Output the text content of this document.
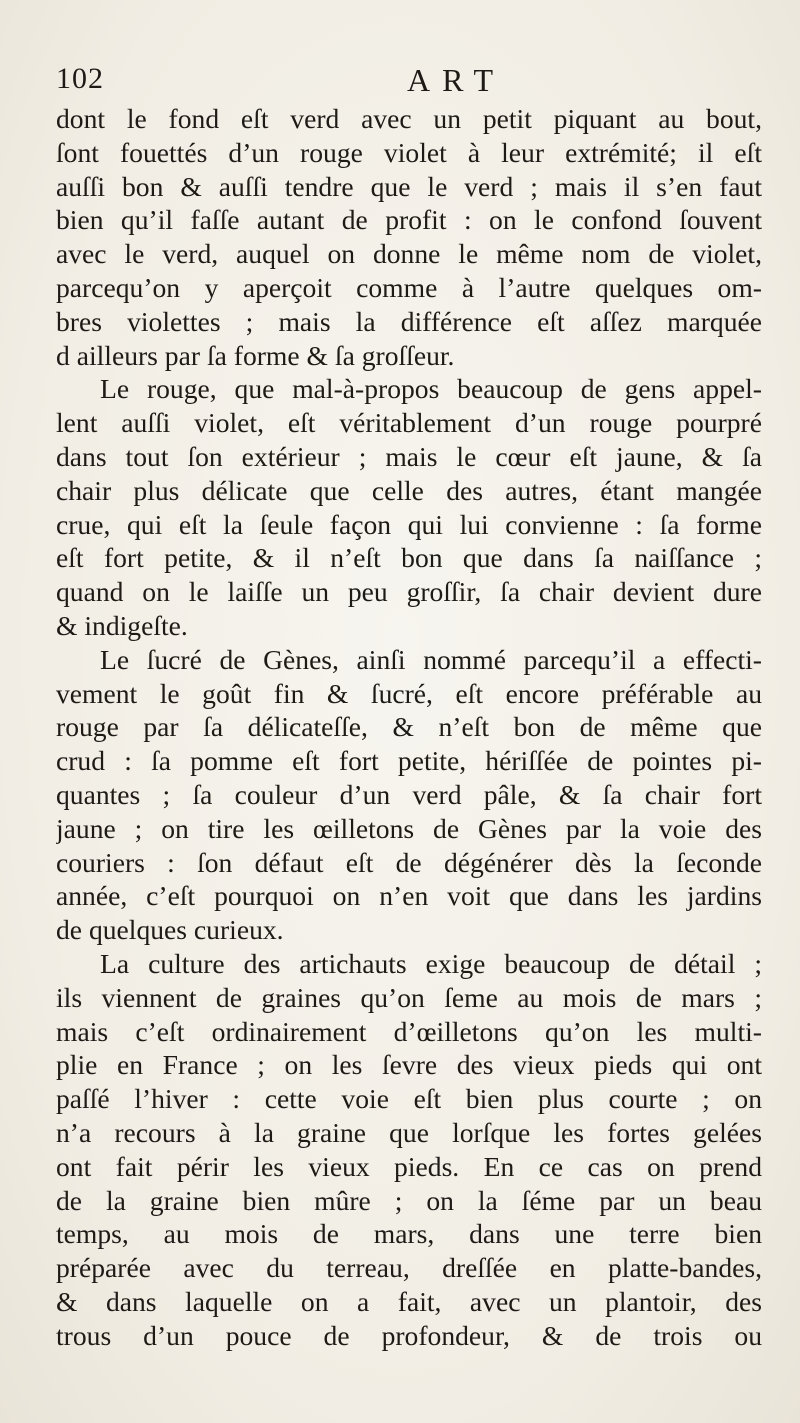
102	ART
dont le fond eſt verd avec un petit piquant au bout,
ſont fouettés d’un rouge violet à leur extrémité; il eſt
auſſi bon & auſſi tendre que le verd ; mais il s’en faut
bien qu’il faſſe autant de profit : on le confond ſouvent
avec le verd, auquel on donne le même nom de violet,
parcequ’on y aperçoit comme à l’autre quelques om-
bres violettes ; mais la différence eſt aſſez marquée
d ailleurs par ſa forme & ſa groſſeur.
Le rouge, que mal-à-propos beaucoup de gens appel-
lent auſſi violet, eſt véritablement d’un rouge pourpré
dans tout ſon extérieur ; mais le cœur eſt jaune, & ſa
chair plus délicate que celle des autres, étant mangée
crue, qui eſt la ſeule façon qui lui convienne : ſa forme
eſt fort petite, & il n’eſt bon que dans ſa naiſſance ;
quand on le laiſſe un peu groſſir, ſa chair devient dure
& indigeſte.
Le ſucré de Gènes, ainſi nommé parcequ’il a effecti-
vement le goût fin & ſucré, eſt encore préférable au
rouge par ſa délicateſſe, & n’eſt bon de même que
crud : ſa pomme eſt fort petite, hériſſée de pointes pi-
quantes ; ſa couleur d’un verd pâle, & ſa chair fort
jaune ; on tire les œilletons de Gènes par la voie des
couriers : ſon défaut eſt de dégénérer dès la ſeconde
année, c’eſt pourquoi on n’en voit que dans les jardins
de quelques curieux.
La culture des artichauts exige beaucoup de détail ;
ils viennent de graines qu’on ſeme au mois de mars ;
mais c’eſt ordinairement d’œilletons qu’on les multi-
plie en France ; on les ſevre des vieux pieds qui ont
paſſé l’hiver : cette voie eſt bien plus courte ; on
n’a recours à la graine que lorſque les fortes gelées
ont fait périr les vieux pieds. En ce cas on prend
de la graine bien mûre ; on la ſéme par un beau
temps, au mois de mars, dans une terre bien
préparée avec du terreau, dreſſée en platte-bandes,
& dans laquelle on a fait, avec un plantoir, des
trous d’un pouce de profondeur, & de trois ou
